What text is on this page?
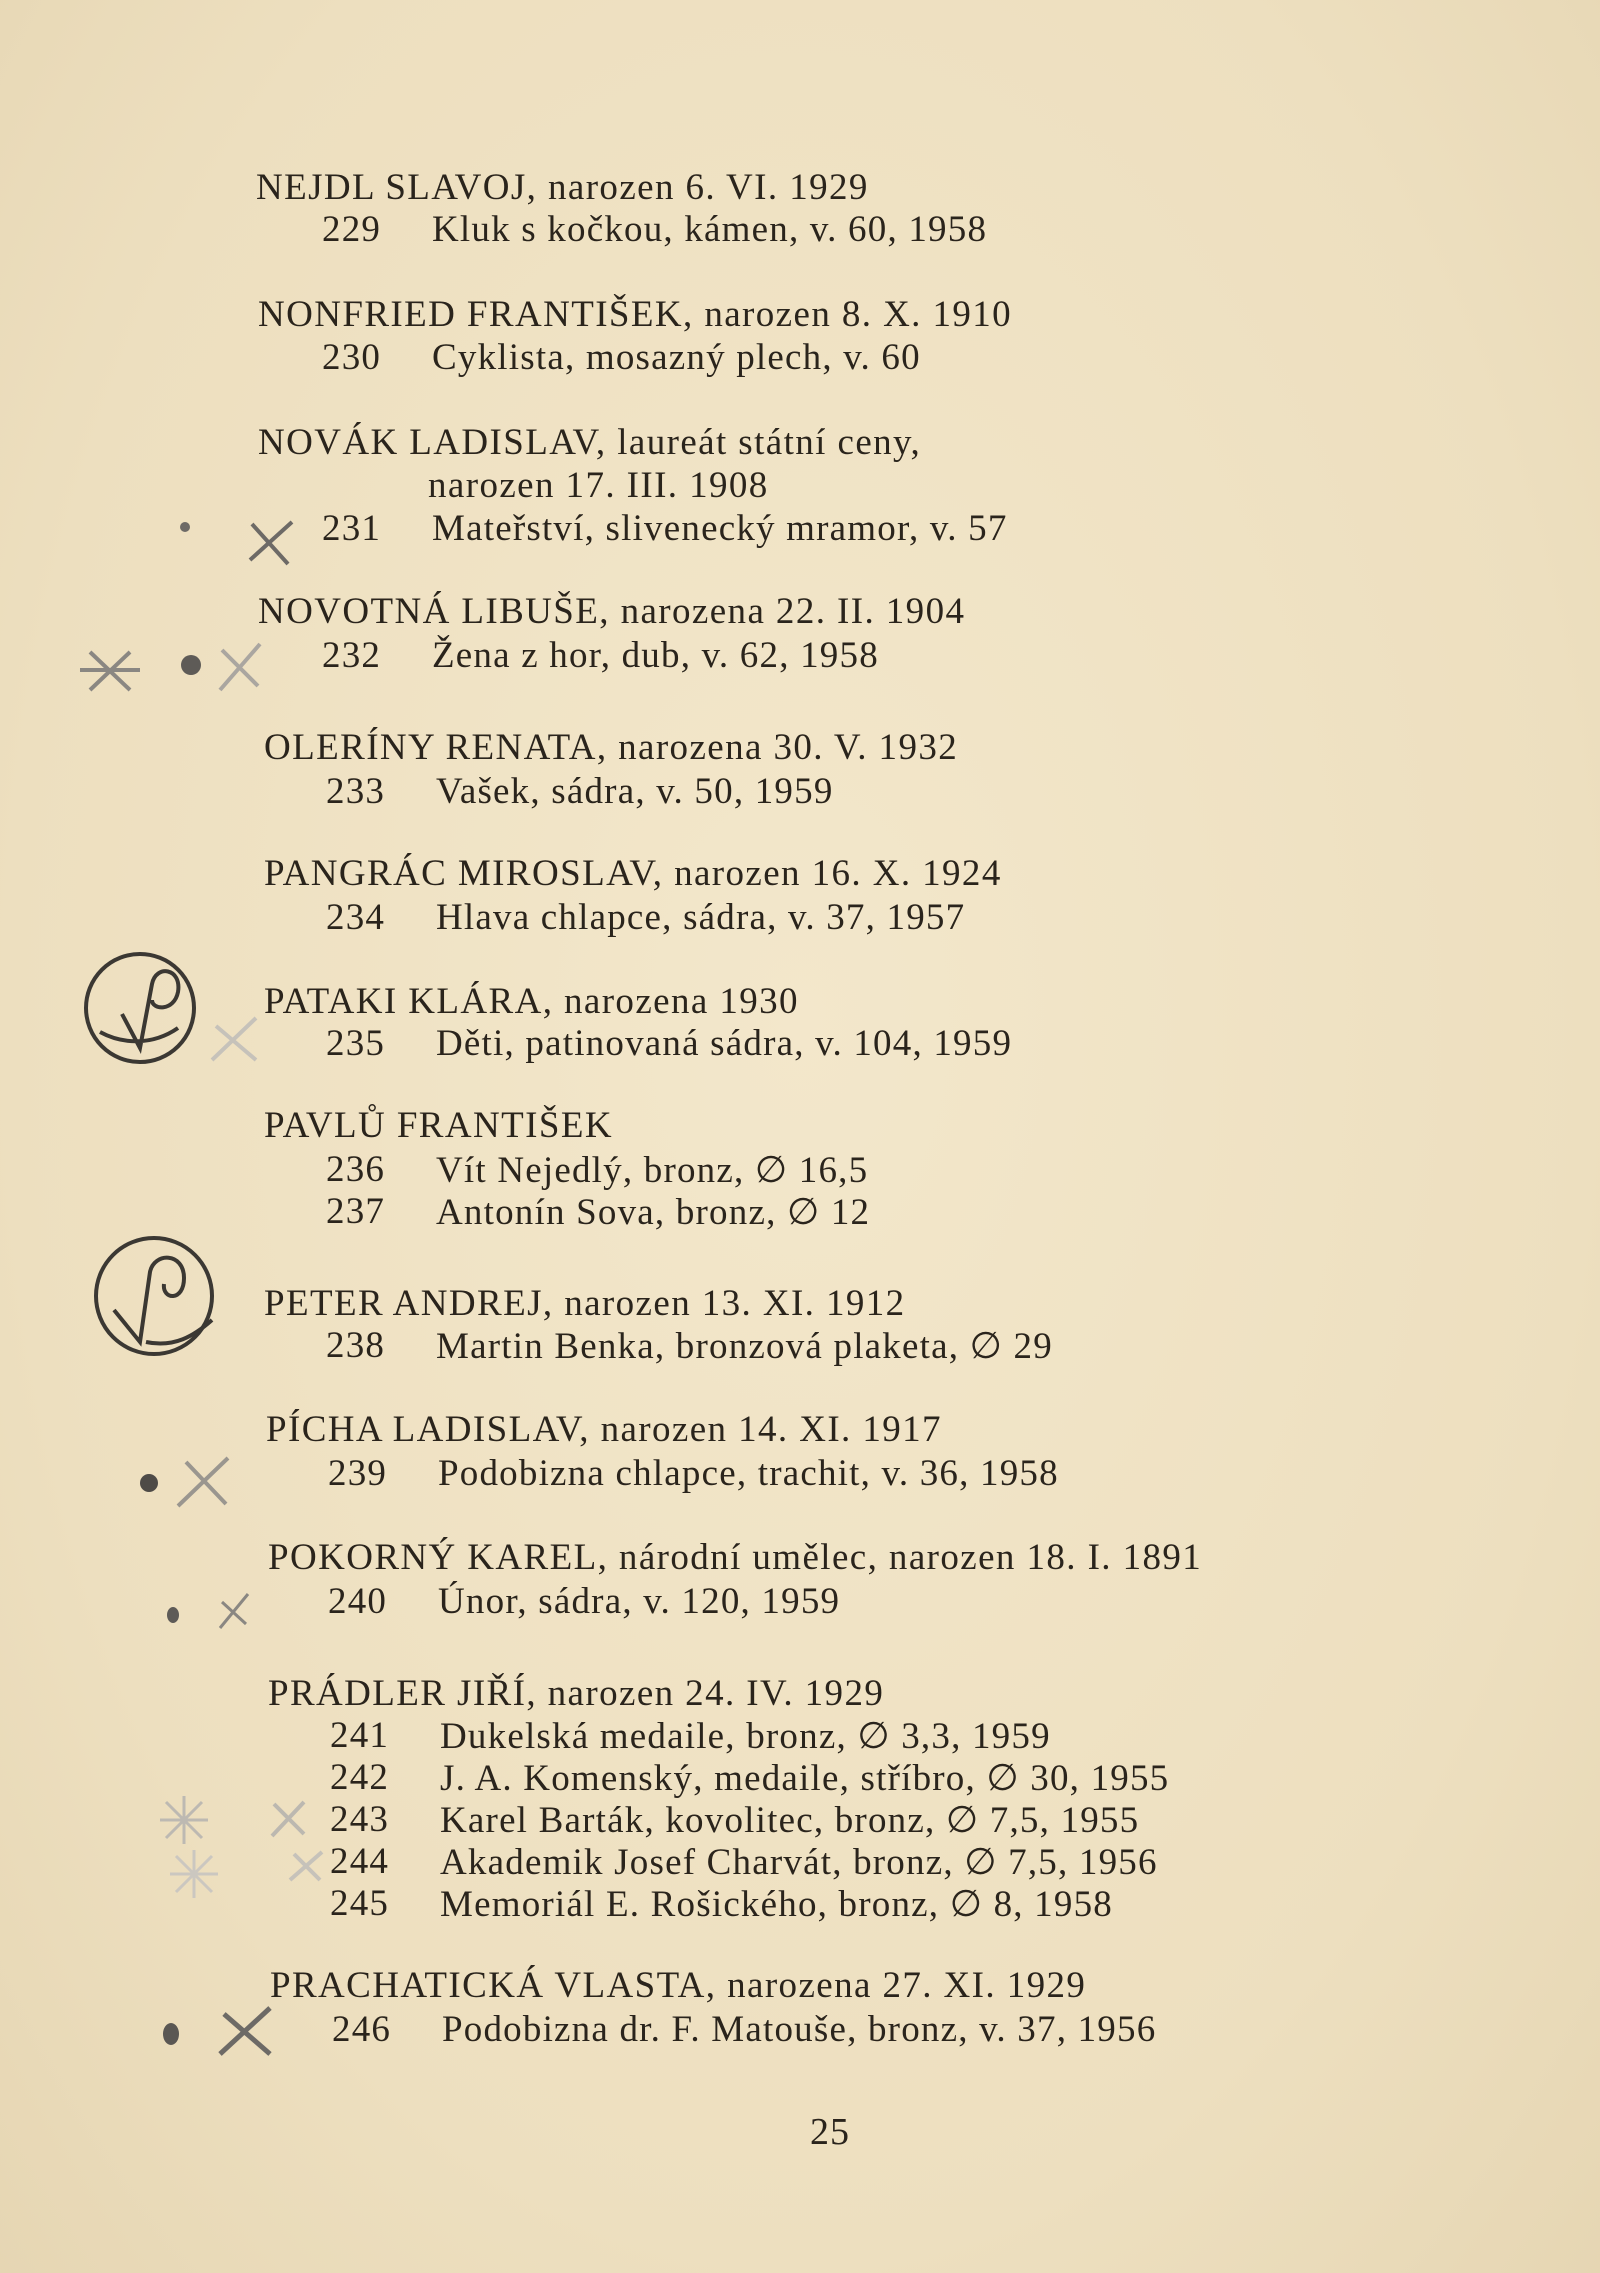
NEJDL SLAVOJ, narozen 6. VI. 1929
229 Kluk s kočkou, kámen, v. 60, 1958
NONFRIED FRANTIŠEK, narozen 8. X. 1910
230 Cyklista, mosazný plech, v. 60
NOVÁK LADISLAV, laureát státní ceny,
narozen 17. III. 1908
231 Mateřství, slivenecký mramor, v. 57
NOVOTNÁ LIBUŠE, narozena 22. II. 1904
232 Žena z hor, dub, v. 62, 1958
OLERÍNY RENATA, narozena 30. V. 1932
233 Vašek, sádra, v. 50, 1959
PANGRÁC MIROSLAV, narozen 16. X. 1924
234 Hlava chlapce, sádra, v. 37, 1957
PATAKI KLÁRA, narozena 1930
235 Děti, patinovaná sádra, v. 104, 1959
PAVLŮ FRANTIŠEK
236 Vít Nejedlý, bronz, ∅ 16,5
237 Antonín Sova, bronz, ∅ 12
PETER ANDREJ, narozen 13. XI. 1912
238 Martin Benka, bronzová plaketa, ∅ 29
PÍCHA LADISLAV, narozen 14. XI. 1917
239 Podobizna chlapce, trachit, v. 36, 1958
POKORNÝ KAREL, národní umělec, narozen 18. I. 1891
240 Únor, sádra, v. 120, 1959
PRÁDLER JIŘÍ, narozen 24. IV. 1929
241 Dukelská medaile, bronz, ∅ 3,3, 1959
242 J. A. Komenský, medaile, stříbro, ∅ 30, 1955
243 Karel Barták, kovolitec, bronz, ∅ 7,5, 1955
244 Akademik Josef Charvát, bronz, ∅ 7,5, 1956
245 Memoriál E. Rošického, bronz, ∅ 8, 1958
PRACHATICKÁ VLASTA, narozena 27. XI. 1929
246 Podobizna dr. F. Matouše, bronz, v. 37, 1956
25
